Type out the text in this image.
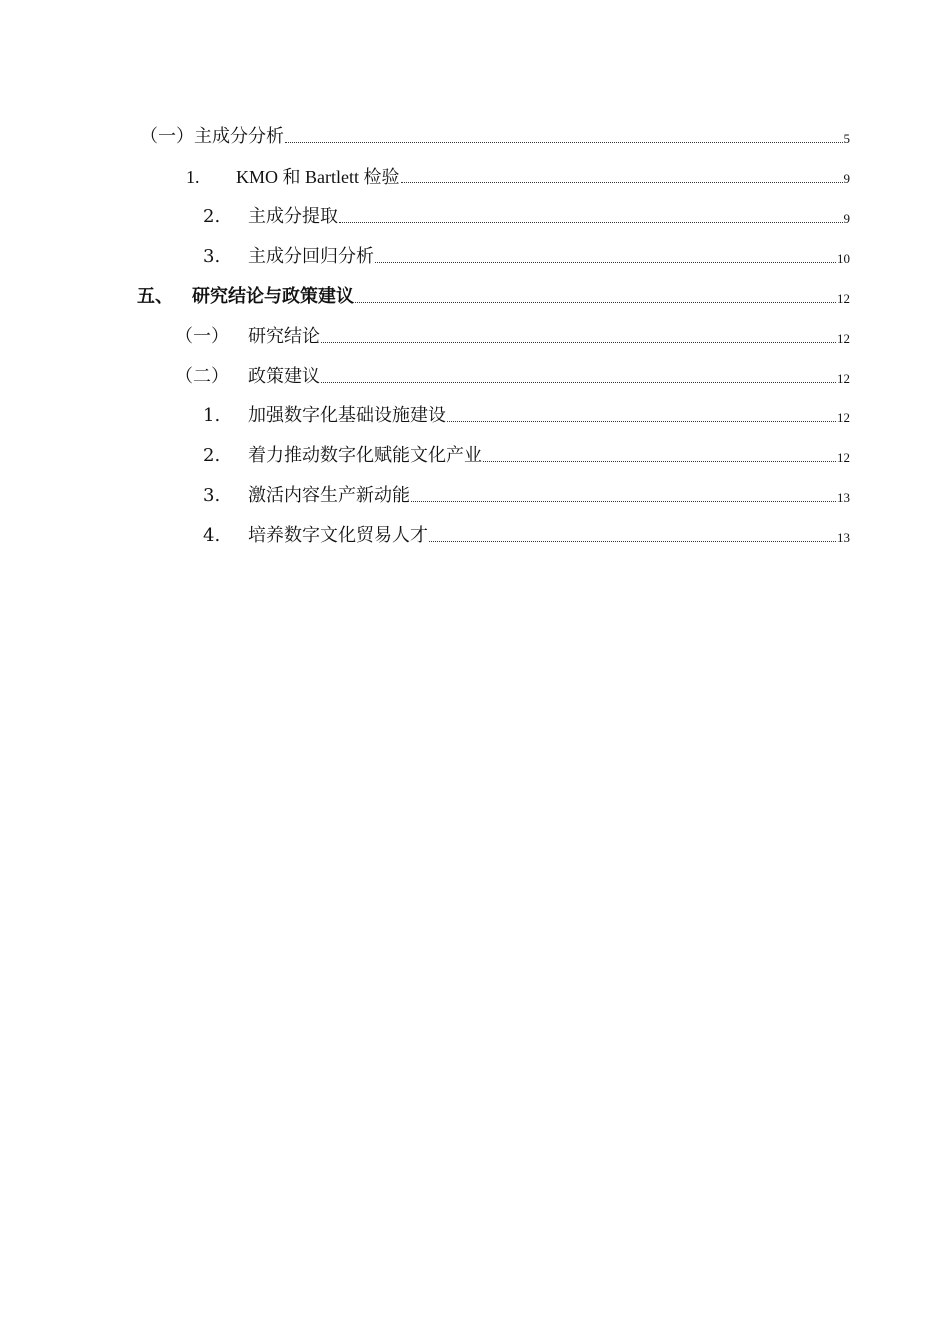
（一） 主成分分析	5
1.	KMO 和 Bartlett 检验	9
2.	主成分提取	9
3.	主成分回归分析	10
五、	研究结论与政策建议	12
（一）	研究结论	12
（二）	政策建议	12
1.	加强数字化基础设施建设	12
2.	着力推动数字化赋能文化产业	12
3.	激活内容生产新动能	13
4.	培养数字文化贸易人才	13
